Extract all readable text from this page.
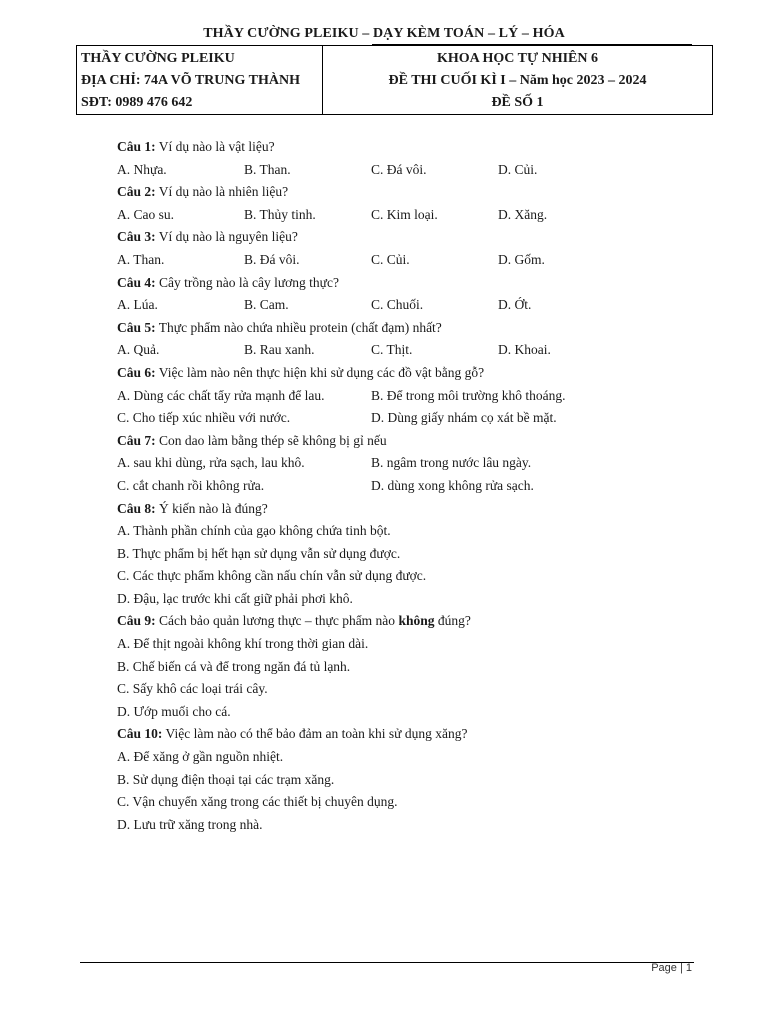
THẦY CƯỜNG PLEIKU – DẠY KÈM TOÁN – LÝ – HÓA
THẦY CƯỜNG PLEIKU
ĐỊA CHỈ: 74A VÕ TRUNG THÀNH
SĐT: 0989 476 642
KHOA HỌC TỰ NHIÊN 6
ĐỀ THI CUỐI KÌ I – Năm học 2023 – 2024
ĐỀ SỐ 1
Câu 1: Ví dụ nào là vật liệu?
A. Nhựa.	B. Than.	C. Đá vôi.	D. Củi.
Câu 2: Ví dụ nào là nhiên liệu?
A. Cao su.	B. Thủy tinh.	C. Kim loại.	D. Xăng.
Câu 3: Ví dụ nào là nguyên liệu?
A. Than.	B. Đá vôi.	C. Củi.	D. Gốm.
Câu 4: Cây trồng nào là cây lương thực?
A. Lúa.	B. Cam.	C. Chuối.	D. Ớt.
Câu 5: Thực phẩm nào chứa nhiều protein (chất đạm) nhất?
A. Quả.	B. Rau xanh.	C. Thịt.	D. Khoai.
Câu 6: Việc làm nào nên thực hiện khi sử dụng các đồ vật bằng gỗ?
A. Dùng các chất tẩy rửa mạnh để lau.	B. Để trong môi trường khô thoáng.
C. Cho tiếp xúc nhiều với nước.	D. Dùng giấy nhám cọ xát bề mặt.
Câu 7: Con dao làm bằng thép sẽ không bị gỉ nếu
A. sau khi dùng, rửa sạch, lau khô.	B. ngâm trong nước lâu ngày.
C. cắt chanh rồi không rửa.	D. dùng xong không rửa sạch.
Câu 8: Ý kiến nào là đúng?
A. Thành phần chính của gạo không chứa tinh bột.
B. Thực phẩm bị hết hạn sử dụng vẫn sử dụng được.
C. Các thực phẩm không cần nấu chín vẫn sử dụng được.
D. Đậu, lạc trước khi cất giữ phải phơi khô.
Câu 9: Cách bảo quản lương thực – thực phẩm nào không đúng?
A. Để thịt ngoài không khí trong thời gian dài.
B. Chế biến cá và để trong ngăn đá tủ lạnh.
C. Sấy khô các loại trái cây.
D. Ướp muối cho cá.
Câu 10: Việc làm nào có thể bảo đảm an toàn khi sử dụng xăng?
A. Để xăng ở gần nguồn nhiệt.
B. Sử dụng điện thoại tại các trạm xăng.
C. Vận chuyển xăng trong các thiết bị chuyên dụng.
D. Lưu trữ xăng trong nhà.
Page | 1
